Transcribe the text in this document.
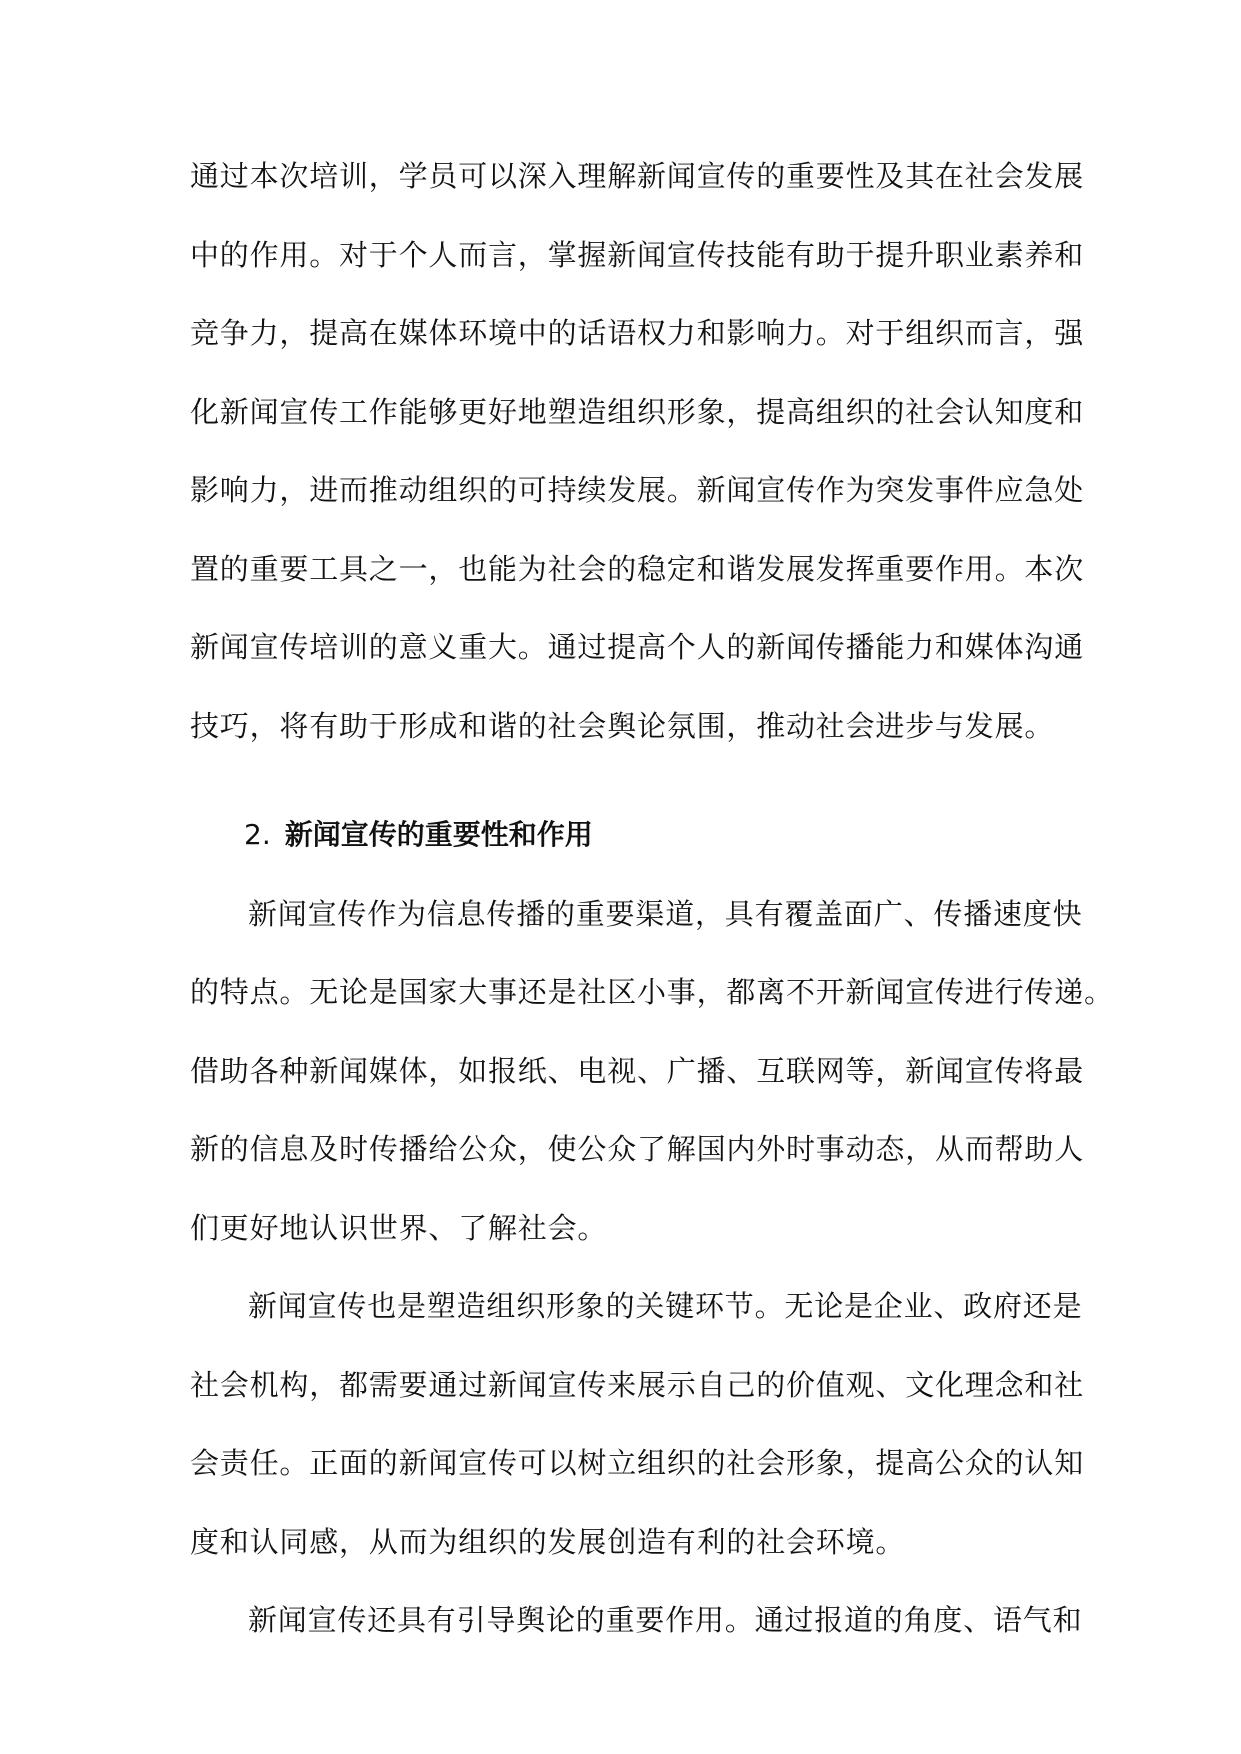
通过本次培训，学员可以深入理解新闻宣传的重要性及其在社会发展
中的作用。对于个人而言，掌握新闻宣传技能有助于提升职业素养和
竞争力，提高在媒体环境中的话语权力和影响力。对于组织而言，强
化新闻宣传工作能够更好地塑造组织形象，提高组织的社会认知度和
影响力，进而推动组织的可持续发展。新闻宣传作为突发事件应急处
置的重要工具之一，也能为社会的稳定和谐发展发挥重要作用。本次
新闻宣传培训的意义重大。通过提高个人的新闻传播能力和媒体沟通
技巧，将有助于形成和谐的社会舆论氛围，推动社会进步与发展。
2. 新闻宣传的重要性和作用
新闻宣传作为信息传播的重要渠道，具有覆盖面广、传播速度快
的特点。无论是国家大事还是社区小事，都离不开新闻宣传进行传递。
借助各种新闻媒体，如报纸、电视、广播、互联网等，新闻宣传将最
新的信息及时传播给公众，使公众了解国内外时事动态，从而帮助人
们更好地认识世界、了解社会。
新闻宣传也是塑造组织形象的关键环节。无论是企业、政府还是
社会机构，都需要通过新闻宣传来展示自己的价值观、文化理念和社
会责任。正面的新闻宣传可以树立组织的社会形象，提高公众的认知
度和认同感，从而为组织的发展创造有利的社会环境。
新闻宣传还具有引导舆论的重要作用。通过报道的角度、语气和
